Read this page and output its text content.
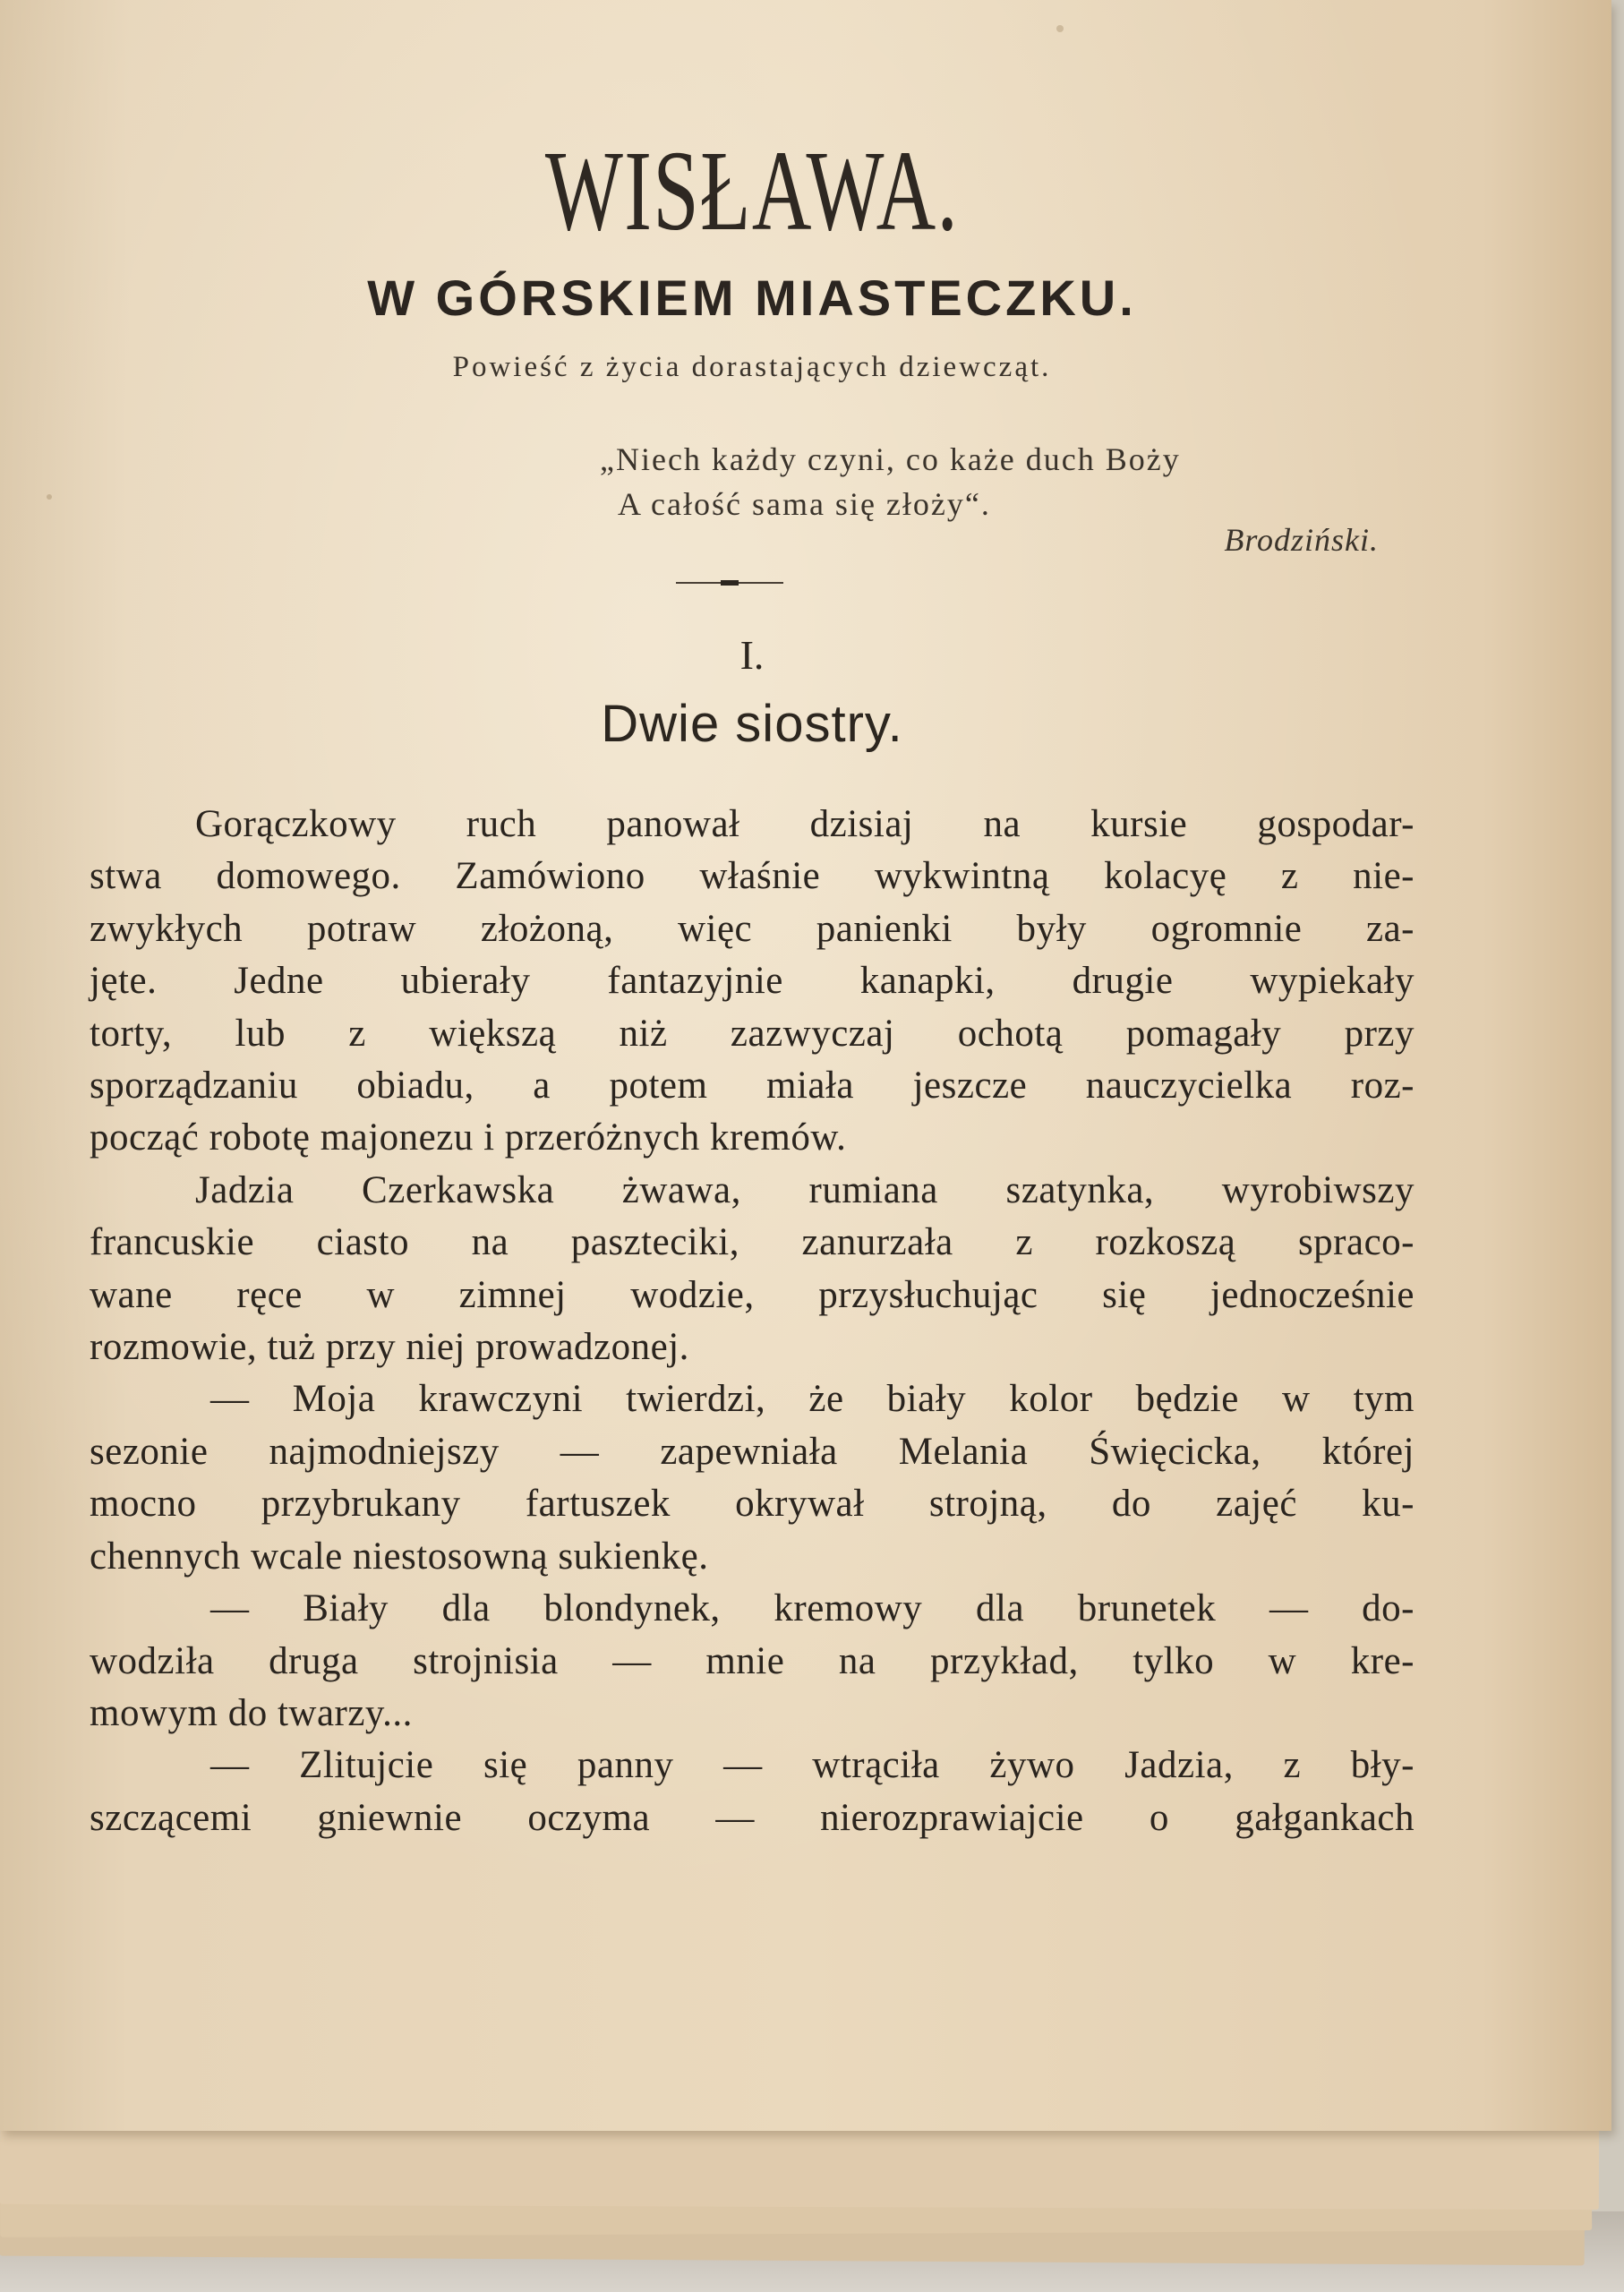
WISŁAWA.
W GÓRSKIEM MIASTECZKU.
Powieść z życia dorastających dziewcząt.
„Niech każdy czyni, co każe duch Boży
A całość sama się złoży“.
Brodziński.
I.
Dwie siostry.
Gorączkowy ruch panował dzisiaj na kursie gospodar-
stwa domowego. Zamówiono właśnie wykwintną kolacyę z nie-
zwykłych potraw złożoną, więc panienki były ogromnie za-
jęte. Jedne ubierały fantazyjnie kanapki, drugie wypiekały
torty, lub z większą niż zazwyczaj ochotą pomagały przy
sporządzaniu obiadu, a potem miała jeszcze nauczycielka roz-
począć robotę majonezu i przeróżnych kremów.
Jadzia Czerkawska żwawa, rumiana szatynka, wyrobiwszy
francuskie ciasto na paszteciki, zanurzała z rozkoszą spraco-
wane ręce w zimnej wodzie, przysłuchując się jednocześnie
rozmowie, tuż przy niej prowadzonej.
— Moja krawczyni twierdzi, że biały kolor będzie w tym
sezonie najmodniejszy — zapewniała Melania Święcicka, której
mocno przybrukany fartuszek okrywał strojną, do zajęć ku-
chennych wcale niestosowną sukienkę.
— Biały dla blondynek, kremowy dla brunetek — do-
wodziła druga strojnisia — mnie na przykład, tylko w kre-
mowym do twarzy...
— Zlitujcie się panny — wtrąciła żywo Jadzia, z bły-
szczącemi gniewnie oczyma — nierozprawiajcie o gałgankach
